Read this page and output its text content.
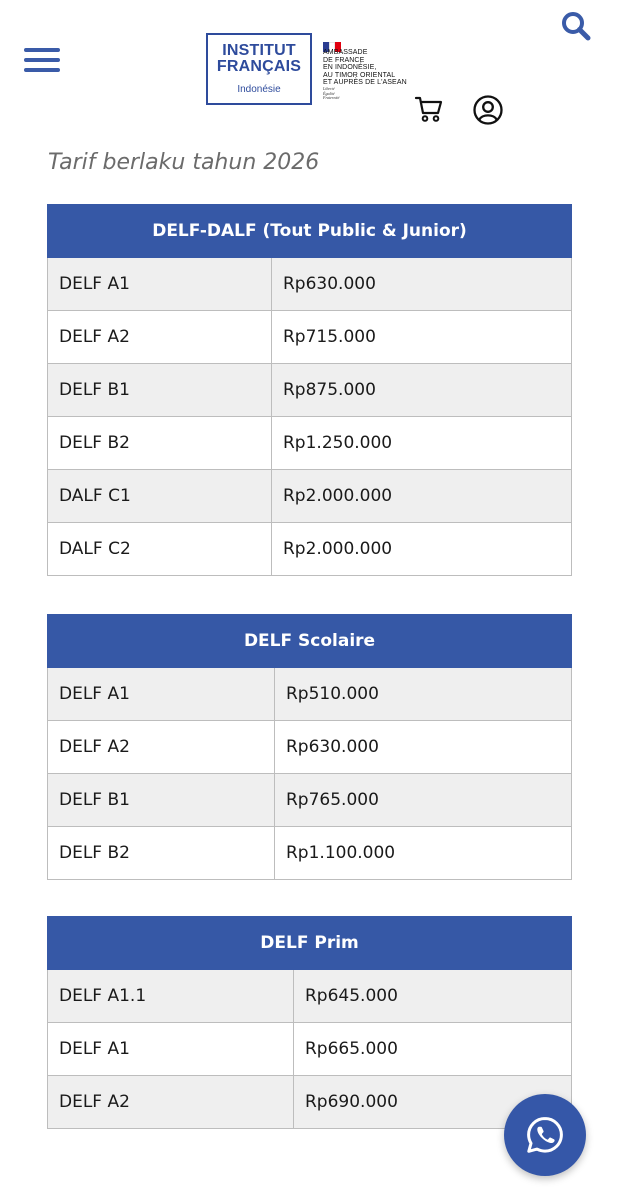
INSTITUT
FRANÇAIS
Indonésie
AMBASSADE
DE FRANCE
EN INDONÉSIE,
AU TIMOR ORIENTAL
ET AUPRÈS DE L'ASEAN
Liberté
Égalité
Fraternité
Tarif berlaku tahun 2026
DELF-DALF (Tout Public & Junior)	
DELF A1	Rp630.000
DELF A2	Rp715.000
DELF B1	Rp875.000
DELF B2	Rp1.250.000
DALF C1	Rp2.000.000
DALF C2	Rp2.000.000
DELF Scolaire	
DELF A1	Rp510.000
DELF A2	Rp630.000
DELF B1	Rp765.000
DELF B2	Rp1.100.000
DELF Prim	
DELF A1.1	Rp645.000
DELF A1	Rp665.000
DELF A2	Rp690.000
